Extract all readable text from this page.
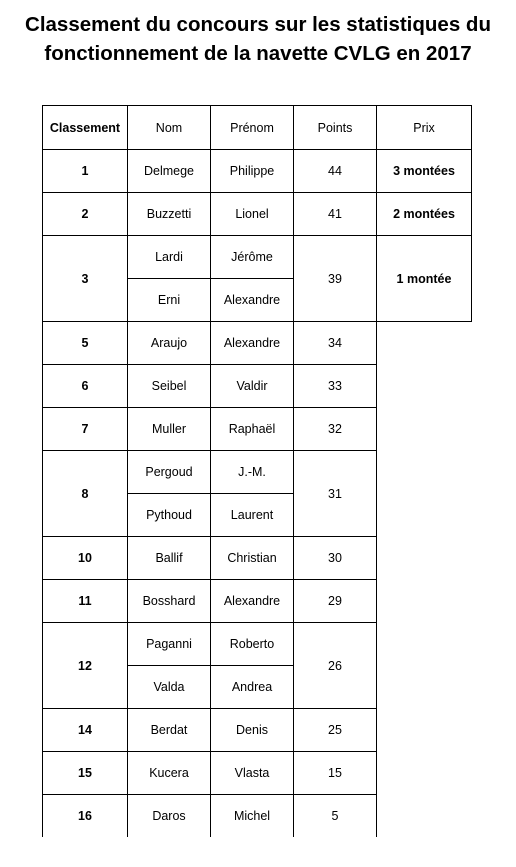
Classement du concours sur les statistiques du
fonctionnement de la navette CVLG en 2017
Classement	Nom	Prénom	Points	Prix
1	Delmege	Philippe	44	3 montées
2	Buzzetti	Lionel	41	2 montées
3	Lardi	Jérôme	39	1 montée
	Erni	Alexandre		
5	Araujo	Alexandre	34	
6	Seibel	Valdir	33	
7	Muller	Raphaël	32	
8	Pergoud	J.-M.	31	
	Pythoud	Laurent		
10	Ballif	Christian	30	
11	Bosshard	Alexandre	29	
12	Paganni	Roberto	26	
	Valda	Andrea		
14	Berdat	Denis	25	
15	Kucera	Vlasta	15	
16	Daros	Michel	5	
